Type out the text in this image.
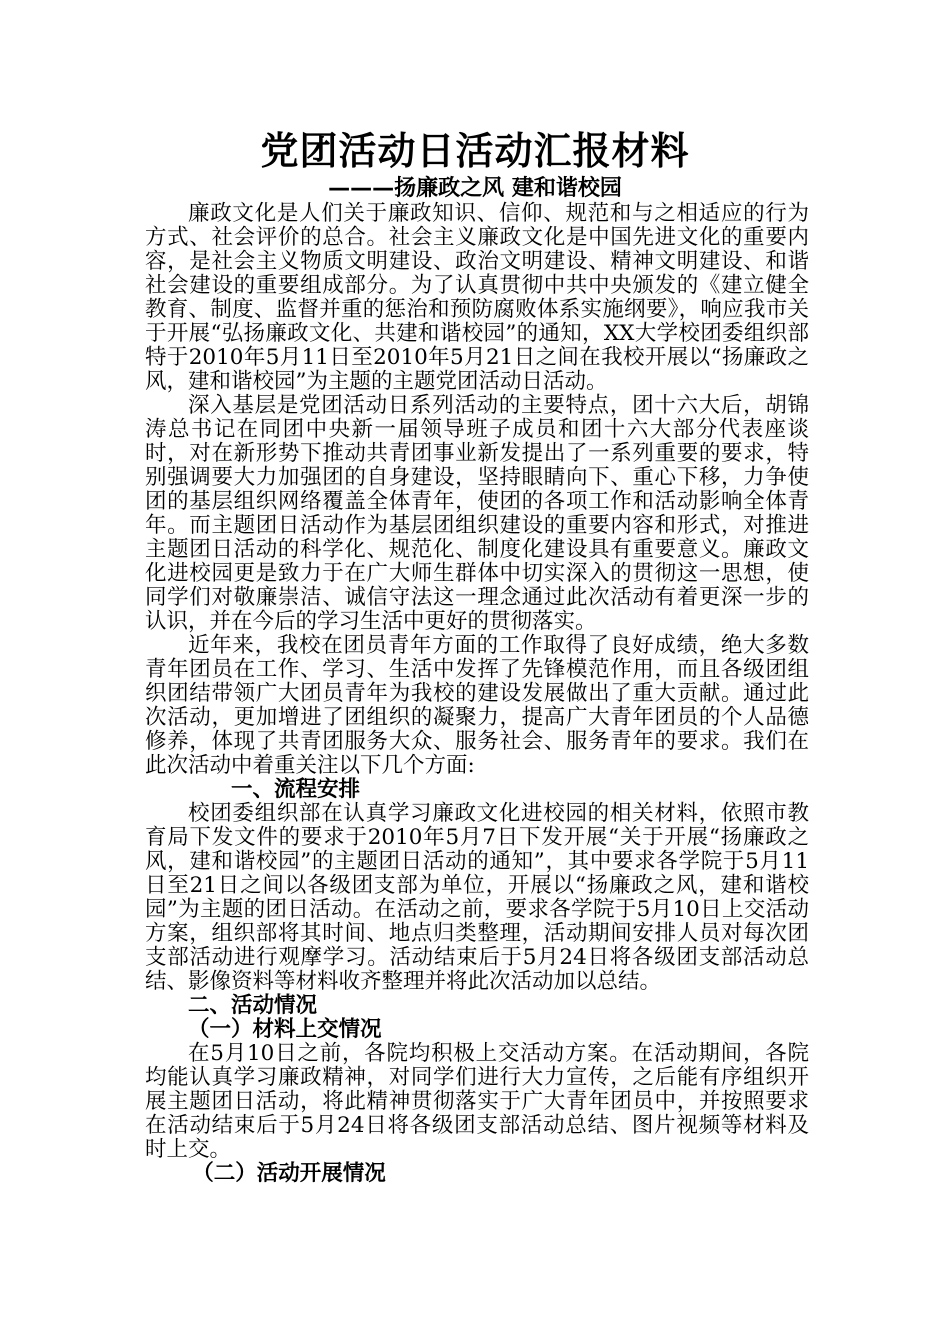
党团活动日活动汇报材料
———扬廉政之风 建和谐校园

廉政文化是人们关于廉政知识、信仰、规范和与之相适应的行为方式、社会评价的总合。社会主义廉政文化是中国先进文化的重要内容，是社会主义物质文明建设、政治文明建设、精神文明建设、和谐社会建设的重要组成部分。为了认真贯彻中共中央颁发的《建立健全教育、制度、监督并重的惩治和预防腐败体系实施纲要》，响应我市关于开展“弘扬廉政文化、共建和谐校园”的通知，XX大学校团委组织部特于2010年5月11日至2010年5月21日之间在我校开展以“扬廉政之风，建和谐校园”为主题的主题党团活动日活动。

深入基层是党团活动日系列活动的主要特点，团十六大后，胡锦涛总书记在同团中央新一届领导班子成员和团十六大部分代表座谈时，对在新形势下推动共青团事业新发提出了一系列重要的要求，特别强调要大力加强团的自身建设，坚持眼睛向下、重心下移，力争使团的基层组织网络覆盖全体青年，使团的各项工作和活动影响全体青年。而主题团日活动作为基层团组织建设的重要内容和形式，对推进主题团日活动的科学化、规范化、制度化建设具有重要意义。廉政文化进校园更是致力于在广大师生群体中切实深入的贯彻这一思想，使同学们对敬廉崇洁、诚信守法这一理念通过此次活动有着更深一步的认识，并在今后的学习生活中更好的贯彻落实。

近年来，我校在团员青年方面的工作取得了良好成绩，绝大多数青年团员在工作、学习、生活中发挥了先锋模范作用，而且各级团组织团结带领广大团员青年为我校的建设发展做出了重大贡献。通过此次活动，更加增进了团组织的凝聚力，提高广大青年团员的个人品德修养，体现了共青团服务大众、服务社会、服务青年的要求。我们在此次活动中着重关注以下几个方面:

一、流程安排

校团委组织部在认真学习廉政文化进校园的相关材料，依照市教育局下发文件的要求于2010年5月7日下发开展“关于开展“扬廉政之风，建和谐校园”的主题团日活动的通知”，其中要求各学院于5月11日至21日之间以各级团支部为单位，开展以“扬廉政之风，建和谐校园”为主题的团日活动。在活动之前，要求各学院于5月10日上交活动方案，组织部将其时间、地点归类整理，活动期间安排人员对每次团支部活动进行观摩学习。活动结束后于5月24日将各级团支部活动总结、影像资料等材料收齐整理并将此次活动加以总结。

二、活动情况

（一）材料上交情况

在5月10日之前，各院均积极上交活动方案。在活动期间，各院均能认真学习廉政精神，对同学们进行大力宣传，之后能有序组织开展主题团日活动，将此精神贯彻落实于广大青年团员中，并按照要求在活动结束后于5月24日将各级团支部活动总结、图片视频等材料及时上交。

（二）活动开展情况
